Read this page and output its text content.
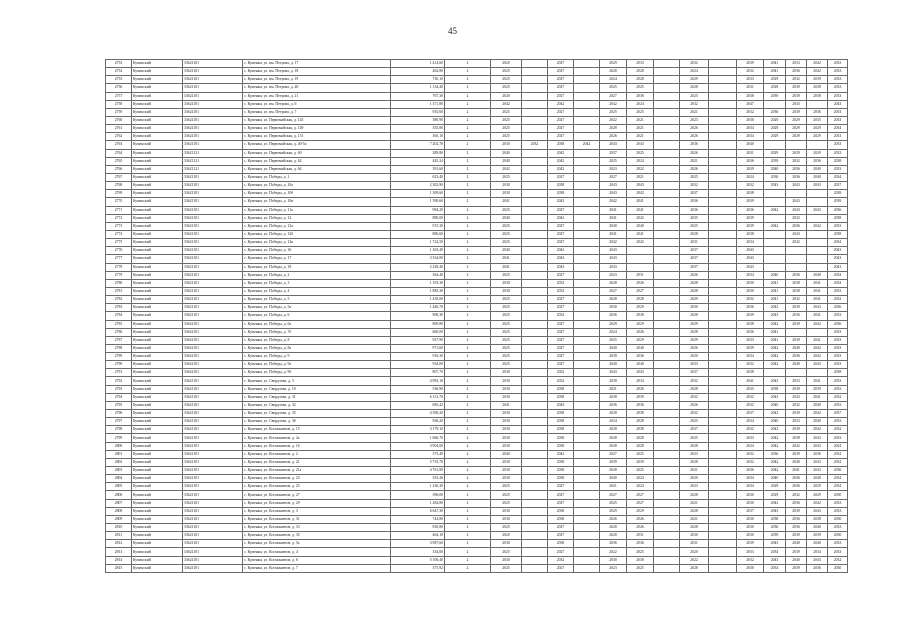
45
2753	Куменский	33621101	с. Куменки, ул. им. Петрова, д. 17	1 414,60	2	2020		2027		2029	2033		2032		2039	2041	2033	2042	2033
2754	Куменский	33621101	с. Куменки, ул. им. Петрова, д. 18	462,80	2	2025		2027		2028	2028		2024		2032	2041	2036	2042	2033
2755	Куменский	33621101	с. Куменки, ул. им. Петрова, д. 19	730,10	2	2025		2027		2024	2028		2029		2033	2029	2032	2039	2033
2756	Куменский	33621101	с. Куменки, ул. им. Петрова, д. 20	1 134,40	2	2025		2027		2025	2025		2028		2031	2028	2039	2038	2033
2757	Куменский	33621101	с. Куменки, ул. им. Петрова, д. 21	767,30	2	2020		2027		2027	2036		2025		2038	2039	2039	2038	2033
2758	Куменский	33621101	с. Куменки, ул. им. Петрова, д. 6	1 371,80	2	2042		2042		2042	2024		2032		2047		2033		2043
2759	Куменский	33621101	с. Куменки, ул. им. Петрова, д. 7	935,60	2	2025		2027		2025	2025		2021		2032	2036	2039	2036	2033
2760	Куменский	33621101	с. Куменки, ул. Первомайская, д. 145	380,90	2	2025		2027		2022	2021		2023		2030	2029	2029	2035	2033
2761	Куменский	33621101	с. Куменки, ул. Первомайская, д. 149	355,80	2	2025		2027		2028	2021		2026		2034	2029	2029	2029	2034
2762	Куменский	33621101	с. Куменки, ул. Первомайская, д. 151	365,10	2	2025		2027		2026	2021		2026		2034	2029	2029	2029	2033
2763	Куменский	33621101	с. Куменки, ул. Первомайская, д. 40-5а	7 202,70	2	2030	2032	2038	2042	2043	2043		2036		2040				2033
2764	Куменский	33621121	с. Куменки, ул. Первомайская, д. 60	289,80	2	2040		2042		2037	2025		2026		2031	2029	2029	2029	2033
2765	Куменский	33621121	с. Куменки, ул. Первомайская, д. 62	445,24	2	2040		2042		2025	2024		2021		2036	2039	2032	2036	2038
2766	Куменский	33621121	с. Куменки, ул. Первомайская, д. 64	391,60	2	2042		2042		2023	2022		2026		2039	2040	2036	2040	2033
2767	Куменский	33621101	с. Куменки, ул. Победы, д. 1	623,40	2	2025		2027		2027	2021		2025		2024	2030	2036	2040	2034
2768	Куменский	33621101	с. Куменки, ул. Победы, д. 10а	2 302,90	2	2030		2038		2043	2043		2032		2032	2043	2043	2043	2037
2769	Куменский	33621101	с. Куменки, ул. Победы, д. 10б	1 309,60	2	2030		2038		2043	2043		2037		2038				2038
2770	Куменский	33621101	с. Куменки, ул. Победы, д. 10в	1 590,60	2	2041		2043		2042	2041		2036		2039		2043		2039
2771	Куменский	33621101	с. Куменки, ул. Победы, д. 11а	994,20	2	2025		2027		2041	2041		2036		2036	2042	2043	2043	2036
2772	Куменский	33621101	с. Куменки, ул. Победы, д. 12	880,00	2	2040		2042		2041	2042		2035		2039		2032		2038
2773	Куменский	33621101	с. Куменки, ул. Победы, д. 12а	915,30	2	2025		2027		2040	2040		2025		2039	2042	2036	2042	2033
2774	Куменский	33621101	с. Куменки, ул. Победы, д. 12б	886,60	2	2025		2027		2041	2041		2028		2038		2043		2038
2775	Куменский	33621101	с. Куменки, ул. Победы, д. 12в	1 724,50	2	2025		2027		2042	2042		2031		2034		2042		2034
2776	Куменский	33621101	с. Куменки, ул. Победы, д. 16	1 363,40	2	2040		2042		2043			2037		2043				2043
2777	Куменский	33621101	с. Куменки, ул. Победы, д. 17	3 334,00	2	2041		2043		2043			2037		2043				2043
2778	Куменский	33621101	с. Куменки, ул. Победы, д. 18	2 228,40	2	2041		2043		2043			2037		2043				2043
2779	Куменский	33621101	с. Куменки, ул. Победы, д. 2	364,40	2	2025		2027		2023	2031		2026		2034	2040	2036	2040	2034
2780	Куменский	33621101	с. Куменки, ул. Победы, д. 3	1 193,30	2	2030		2032		2028	2026		2028		2030	2041	2038	2041	2034
2781	Куменский	33621101	с. Куменки, ул. Победы, д. 4	1 885,30	2	2030		2032		2027	2027		2028		2030	2041	2038	2041	2033
2782	Куменский	33621101	с. Куменки, ул. Победы, д. 5	1 439,00	2	2025		2027		2028	2028		2029		2032	2041	2032	2041	2032
2783	Куменский	33621101	с. Куменки, ул. Победы, д. 5а	1 446,70	2	2025		2027		2030	2029		2030		2036	2042	2039	2043	2036
2784	Куменский	33621101	с. Куменки, ул. Победы, д. 6	908,30	2	2025		2032		2036	2038		2028		2039	2043	2036	2041	2033
2785	Куменский	33621101	с. Куменки, ул. Победы, д. 6а	869,80	2	2025		2027		2029	2029		2029		2038	2042	2039	2042	2036
2786	Куменский	33621101	с. Куменки, ул. Победы, д. 7б	660,00	2	2025		2027		2024	2026		2028		2036	2041			2033
2787	Куменский	33621101	с. Куменки, ул. Победы, д. 8	927,90	2	2025		2027		2025	2029		2029		2033	2041	2039	2041	2033
2788	Куменский	33621101	с. Куменки, ул. Победы, д. 8а	971,60	2	2025		2027		2040	2040		2026		2039	2042	2040	2042	2033
2789	Куменский	33621101	с. Куменки, ул. Победы, д. 9	916,30	2	2025		2027		2039	2036		2020		2034	2042	2036	2042	2033
2790	Куменский	33621101	с. Куменки, ул. Победы, д. 9а	934,00	2	2025		2027		2040	2040		2033		2032	2042	2040	2043	2033
2791	Куменский	33621101	с. Куменки, ул. Победы, д. 9б	807,70	2	2030		2032		2043	2043		2037		2038				2038
2792	Куменский	33621101	с. Куменки, ул. Свердлова, д. 3	4 992,10	2	2030		2032		2039	2034		2032		2041	2043	2033	2041	2033
2793	Куменский	33621101	с. Куменки, ул. Свердлова, д. 10	536,90	2	2030		2038		2021	2026		2028		2035	2038	2039	2039	2033
2794	Куменский	33621101	с. Куменки, ул. Свердлова, д. 31	6 131,70	2	2030		2038		2038	2039		2032		2032	2043	2043	2041	2032
2795	Куменский	33621101	с. Куменки, ул. Свердлова, д. 32	685,42	2	2041		2043		2036	2036		2026		2032	2040	2032	2040	2033
2796	Куменский	33621101	с. Куменки, ул. Свердлова, д. 35	4 390,20	2	2030		2038		2028	2038		2032		2037	2042	2039	2042	2037
2797	Куменский	33621101	с. Куменки, ул. Свердлова, д. 36	936,20	2	2030		2038		2024	2028		2025		2034	2040	2033	2040	2033
2798	Куменский	33621101	с. Куменки, ул. Космонавтов, д. 15	3 179,10	2	2030		2038		2028	2038		2037		2032	2042	2039	2042	2032
2799	Куменский	33621101	с. Куменки, ул. Космонавтов, д. 2а	1 666,70	2	2030		2038		2028	2028		2025		2033	2042	2038	2043	2033
2800	Куменский	33621101	с. Куменки, ул. Космонавтов, д. 16	3 904,00	2	2030		2038		2028	2028		2028		2024	2042	2042	2043	2024
2801	Куменский	33621101	с. Куменки, ул. Космонавтов, д. 2	375,40	2	2040		2042		2027	2025		2023		2032	2036	2039	2036	2032
2802	Куменский	33621101	с. Куменки, ул. Космонавтов, д. 21	5 735,70	2	2030		2038		2039	2039		2028		2032	2042	2040	2043	2032
2803	Куменский	33621101	с. Куменки, ул. Космонавтов, д. 21а	4 761,80	2	2030		2038		2028	2025		2021		2036	2042	2041	2043	2036
2804	Куменский	33621101	с. Куменки, ул. Космонавтов, д. 23	335,26	2	2030		2038		2040	2024		2020		2034	2040	2036	2040	2034
2805	Куменский	33621101	с. Куменки, ул. Космонавтов, д. 25	1 236,30	2	2025		2027		2021	2024		2023		2034	2029	2036	2029	2034
2806	Куменский	33621101	с. Куменки, ул. Космонавтов, д. 27	396,00	2	2025		2027		2027	2027		2028		2030	2029	2032	2029	2030
2807	Куменский	33621101	с. Куменки, ул. Космонавтов, д. 29	1 284,80	2	2025		2027		2025	2027		2021		2030	2042	2036	2042	2033
2808	Куменский	33621101	с. Куменки, ул. Космонавтов, д. 3	6 647,30	2	2030		2038		2029	2029		2028		2037	2043	2039	2043	2033
2809	Куменский	33621101	с. Куменки, ул. Космонавтов, д. 31	744,80	2	2030		2038		2026	2026		2021		2030	2038	2036	2038	2030
2810	Куменский	33621101	с. Куменки, ул. Космонавтов, д. 33	830,80	2	2025		2027		2028	2026		2028		2030	2036	2036	2040	2033
2811	Куменский	33621101	с. Куменки, ул. Космонавтов, д. 35	464,18	2	2020		2027		2028	2031		2030		2030	2039	2039	2039	2030
2812	Куменский	33621101	с. Куменки, ул. Космонавтов, д. 5а	3 987,60	2	2030		2038		2036	2036		2031		2039	2043	2040	2040	2033
2813	Куменский	33621101	с. Куменки, ул. Космонавтов, д. 4	334,00	2	2025		2027		2022	2025		2020		2033	2034	2039	2034	2033
2814	Куменский	33621101	с. Куменки, ул. Космонавтов, д. 6	5 106,40	2	2030		2032		2030	2030		2022		2032	2043	2040	2043	2032
2815	Куменский	33621101	с. Куменки, ул. Космонавтов, д. 7	375,92	2	2025		2027		2023	2025		2028		2030	2034	2039	2036	2030
